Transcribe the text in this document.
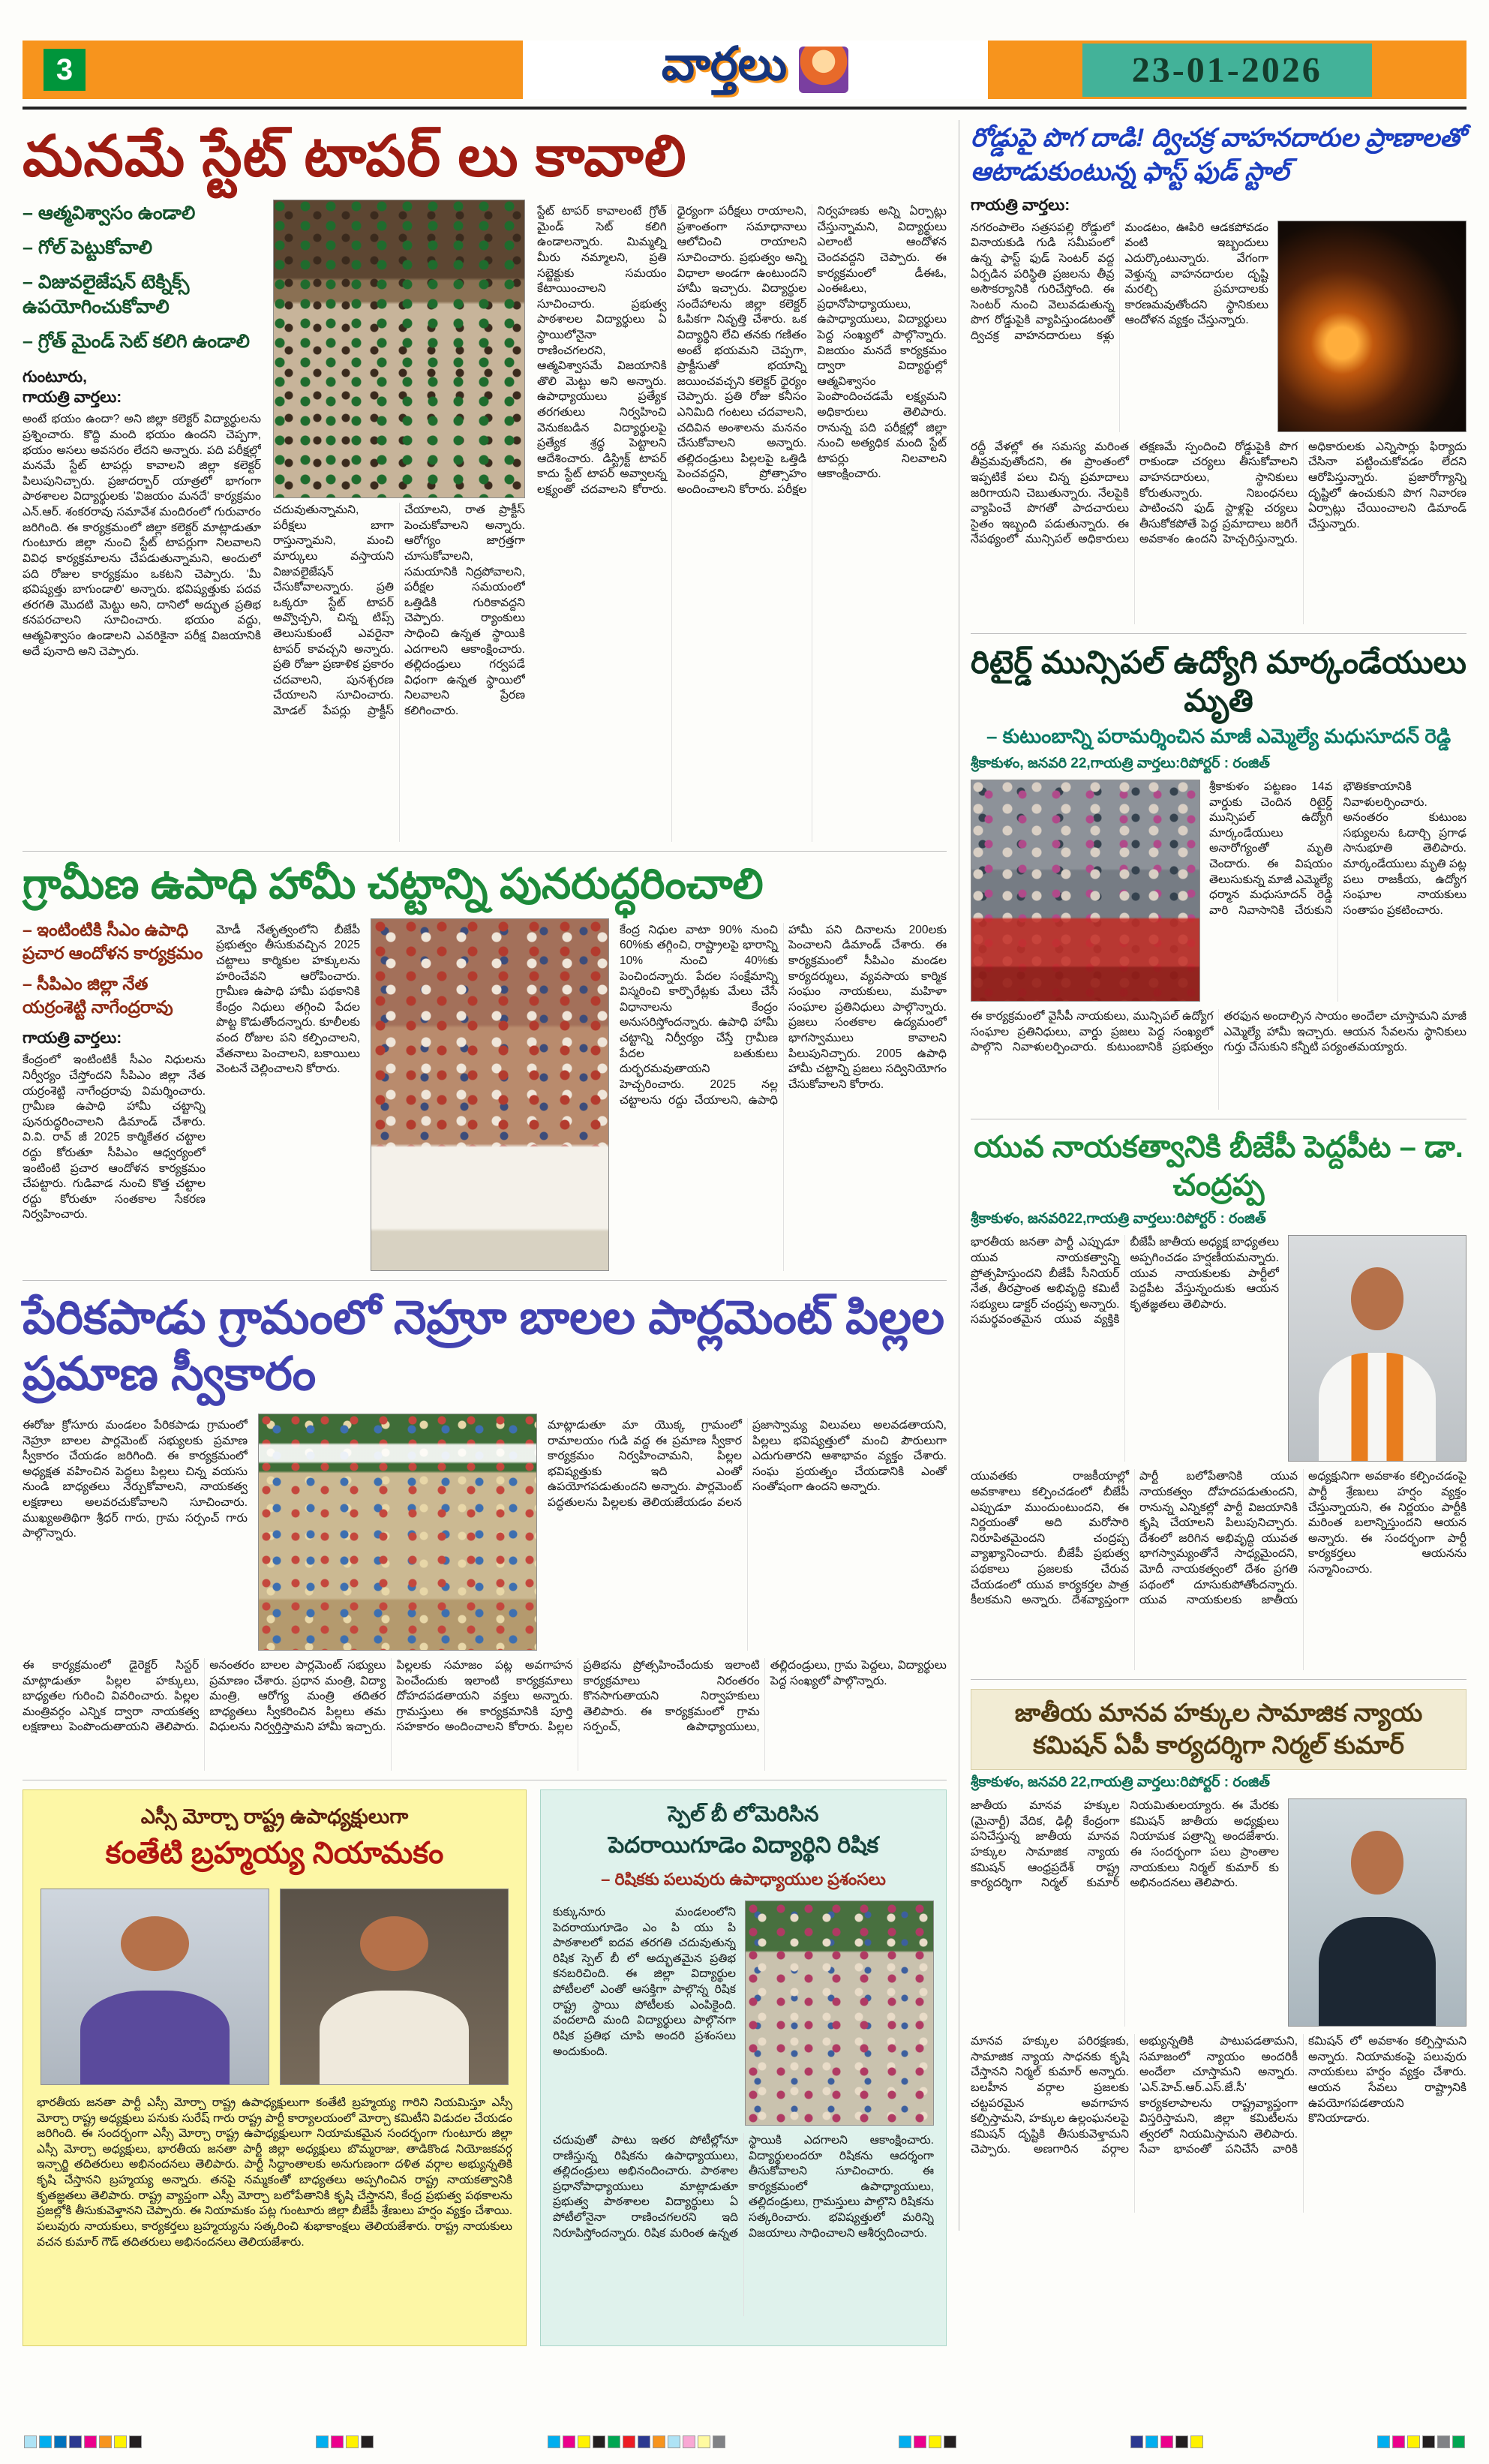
3	వార్తలు	23-01-2026
మనమే స్టేట్ టాపర్ లు కావాలి
– ఆత్మవిశ్వాసం ఉండాలి
– గోల్ పెట్టుకోవాలి
– విజువలైజేషన్ టెక్నిక్స్ ఉపయోగించుకోవాలి
– గ్రోత్ మైండ్ సెట్ కలిగి ఉండాలి
గుంటూరు,
గాయత్రి వార్తలు:

అంటే భయం ఉందా? అని జిల్లా కలెక్టర్ విద్యార్థులను ప్రశ్నించారు. కొద్ది మంది భయం ఉందని చెప్పగా, భయం అసలు అవసరం లేదని అన్నారు. పది పరీక్షల్లో మనమే స్టేట్ టాపర్లు కావాలని జిల్లా కలెక్టర్ పిలుపునిచ్చారు. ప్రజాదర్బార్ యాత్రలో భాగంగా పాఠశాలల విద్యార్థులకు 'విజయం మనదే' కార్యక్రమం ఎన్.ఆర్. శంకరరావు సమావేశ మందిరంలో గురువారం జరిగింది. ఈ కార్యక్రమంలో జిల్లా కలెక్టర్ మాట్లాడుతూ గుంటూరు జిల్లా నుంచి స్టేట్ టాపర్లుగా నిలవాలని వివిధ కార్యక్రమాలను చేపడుతున్నామని, అందులో పది రోజుల కార్యక్రమం ఒకటని చెప్పారు. 'మీ భవిష్యత్తు బాగుండాలి' అన్నారు. భవిష్యత్తుకు పదవ తరగతి మొదటి మెట్టు అని, దానిలో అద్భుత ప్రతిభ కనపరచాలని సూచించారు. భయం వద్దు, ఆత్మవిశ్వాసం ఉండాలని ఎవరికైనా పరీక్ష విజయానికి అదే పునాది అని చెప్పారు.

చదువుతున్నామని, పరీక్షలు బాగా రాస్తున్నామని, మంచి మార్కులు వస్తాయని విజువలైజేషన్ చేసుకోవాలన్నారు. ప్రతి ఒక్కరూ స్టేట్ టాపర్ అవ్వొచ్చని, చిన్న టిప్స్ తెలుసుకుంటే ఎవరైనా టాపర్ కావచ్చని అన్నారు. ప్రతి రోజూ ప్రణాళిక ప్రకారం చదవాలని, పునశ్చరణ చేయాలని సూచించారు. మోడల్ పేపర్లు ప్రాక్టీస్ చేయాలని, రాత ప్రాక్టీస్ పెంచుకోవాలని అన్నారు. ఆరోగ్యం జాగ్రత్తగా చూసుకోవాలని, సమయానికి నిద్రపోవాలని, పరీక్షల సమయంలో ఒత్తిడికి గురికావద్దని చెప్పారు. ర్యాంకులు సాధించి ఉన్నత స్థాయికి ఎదగాలని ఆకాంక్షించారు. తల్లిదండ్రులు గర్వపడే విధంగా ఉన్నత స్థాయిలో నిలవాలని ప్రేరణ కలిగించారు.

స్టేట్ టాపర్ కావాలంటే గ్రోత్ మైండ్ సెట్ కలిగి ఉండాలన్నారు. మిమ్మల్ని మీరు నమ్మాలని, ప్రతి సబ్జెక్టుకు సమయం కేటాయించాలని సూచించారు. ప్రభుత్వ పాఠశాలల విద్యార్థులు ఏ స్థాయిలోనైనా రాణించగలరని, ఆత్మవిశ్వాసమే విజయానికి తొలి మెట్టు అని అన్నారు. ఉపాధ్యాయులు ప్రత్యేక తరగతులు నిర్వహించి వెనుకబడిన విద్యార్థులపై ప్రత్యేక శ్రద్ధ పెట్టాలని ఆదేశించారు. డిస్ట్రిక్ట్ టాపర్ కాదు స్టేట్ టాపర్ అవ్వాలన్న లక్ష్యంతో చదవాలని కోరారు. ధైర్యంగా పరీక్షలు రాయాలని, ప్రశాంతంగా సమాధానాలు ఆలోచించి రాయాలని సూచించారు. ప్రభుత్వం అన్ని విధాలా అండగా ఉంటుందని హామీ ఇచ్చారు. విద్యార్థుల సందేహాలను జిల్లా కలెక్టర్ ఓపికగా నివృత్తి చేశారు. ఒక విద్యార్థిని లేచి తనకు గణితం అంటే భయమని చెప్పగా, ప్రాక్టీసుతో భయాన్ని జయించవచ్చని కలెక్టర్ ధైర్యం చెప్పారు. ప్రతి రోజు కనీసం ఎనిమిది గంటలు చదవాలని, చదివిన అంశాలను మననం చేసుకోవాలని అన్నారు. తల్లిదండ్రులు పిల్లలపై ఒత్తిడి పెంచవద్దని, ప్రోత్సాహం అందించాలని కోరారు. పరీక్షల నిర్వహణకు అన్ని ఏర్పాట్లు చేస్తున్నామని, విద్యార్థులు ఎలాంటి ఆందోళన చెందవద్దని చెప్పారు. ఈ కార్యక్రమంలో డీఈఓ, ఎంఈఓలు, ప్రధానోపాధ్యాయులు, ఉపాధ్యాయులు, విద్యార్థులు పెద్ద సంఖ్యలో పాల్గొన్నారు. విజయం మనదే కార్యక్రమం ద్వారా విద్యార్థుల్లో ఆత్మవిశ్వాసం పెంపొందించడమే లక్ష్యమని అధికారులు తెలిపారు. రానున్న పది పరీక్షల్లో జిల్లా నుంచి అత్యధిక మంది స్టేట్ టాపర్లు నిలవాలని ఆకాంక్షించారు.

గ్రామీణ ఉపాధి హామీ చట్టాన్ని పునరుద్ధరించాలి
– ఇంటింటికి సీఎం ఉపాధి ప్రచార ఆందోళన కార్యక్రమం
– సీపిఎం జిల్లా నేత యర్రంశెట్టి నాగేంద్రరావు
గాయత్రి వార్తలు:

కేంద్రంలో ఇంటింటికీ సీఎం నిధులను నిర్వీర్యం చేస్తోందని సీపిఎం జిల్లా నేత యర్రంశెట్టి నాగేంద్రరావు విమర్శించారు. గ్రామీణ ఉపాధి హామీ చట్టాన్ని పునరుద్ధరించాలని డిమాండ్ చేశారు. వి.వి. రావ్ జీ 2025 కార్మికేతర చట్టాల రద్దు కోరుతూ సీపిఎం ఆధ్వర్యంలో ఇంటింటి ప్రచార ఆందోళన కార్యక్రమం చేపట్టారు. గుడివాడ నుంచి కొత్త చట్టాల రద్దు కోరుతూ సంతకాల సేకరణ నిర్వహించారు.

మోడీ నేతృత్వంలోని బీజేపీ ప్రభుత్వం తీసుకువచ్చిన 2025 చట్టాలు కార్మికుల హక్కులను హరించేవని ఆరోపించారు. గ్రామీణ ఉపాధి హామీ పథకానికి కేంద్రం నిధులు తగ్గించి పేదల పొట్ట కొడుతోందన్నారు. కూలీలకు వంద రోజుల పని కల్పించాలని, వేతనాలు పెంచాలని, బకాయిలు వెంటనే చెల్లించాలని కోరారు.

కేంద్ర నిధుల వాటా 90% నుంచి 60%కు తగ్గించి, రాష్ట్రాలపై భారాన్ని 10% నుంచి 40%కు పెంచిందన్నారు. పేదల సంక్షేమాన్ని విస్మరించి కార్పొరేట్లకు మేలు చేసే విధానాలను కేంద్రం అనుసరిస్తోందన్నారు. ఉపాధి హామీ చట్టాన్ని నిర్వీర్యం చేస్తే గ్రామీణ పేదల బతుకులు దుర్భరమవుతాయని హెచ్చరించారు. 2025 నల్ల చట్టాలను రద్దు చేయాలని, ఉపాధి హామీ పని దినాలను 200లకు పెంచాలని డిమాండ్ చేశారు. ఈ కార్యక్రమంలో సీపిఎం మండల కార్యదర్శులు, వ్యవసాయ కార్మిక సంఘం నాయకులు, మహిళా సంఘాల ప్రతినిధులు పాల్గొన్నారు. ప్రజలు సంతకాల ఉద్యమంలో భాగస్వాములు కావాలని పిలుపునిచ్చారు. 2005 ఉపాధి హామీ చట్టాన్ని ప్రజలు సద్వినియోగం చేసుకోవాలని కోరారు.

పేరికపాడు గ్రామంలో నెహ్రూ బాలల పార్లమెంట్ పిల్లల ప్రమాణ స్వీకారం

ఈరోజు క్రోసూరు మండలం పేరికపాడు గ్రామంలో నెహ్రూ బాలల పార్లమెంట్ సభ్యులకు ప్రమాణ స్వీకారం చేయడం జరిగింది. ఈ కార్యక్రమంలో అధ్యక్షత వహించిన పెద్దలు పిల్లలు చిన్న వయసు నుండి బాధ్యతలు నేర్చుకోవాలని, నాయకత్వ లక్షణాలు అలవరచుకోవాలని సూచించారు. ముఖ్యఅతిథిగా శ్రీధర్ గారు, గ్రామ సర్పంచ్ గారు పాల్గొన్నారు.

మాట్లాడుతూ మా యొక్క గ్రామంలో రామాలయం గుడి వద్ద ఈ ప్రమాణ స్వీకార కార్యక్రమం నిర్వహించామని, పిల్లల భవిష్యత్తుకు ఇది ఎంతో ఉపయోగపడుతుందని అన్నారు. పార్లమెంట్ పద్ధతులను పిల్లలకు తెలియజేయడం వలన ప్రజాస్వామ్య విలువలు అలవడతాయని, పిల్లలు భవిష్యత్తులో మంచి పౌరులుగా ఎదుగుతారని ఆశాభావం వ్యక్తం చేశారు. సంఘ ప్రయత్నం చేయడానికి ఎంతో సంతోషంగా ఉందని అన్నారు.

ఈ కార్యక్రమంలో డైరెక్టర్ సిస్టర్ మాట్లాడుతూ పిల్లల హక్కులు, బాధ్యతల గురించి వివరించారు. పిల్లల మంత్రివర్గం ఎన్నిక ద్వారా నాయకత్వ లక్షణాలు పెంపొందుతాయని తెలిపారు. అనంతరం బాలల పార్లమెంట్ సభ్యులు ప్రమాణం చేశారు. ప్రధాన మంత్రి, విద్యా మంత్రి, ఆరోగ్య మంత్రి తదితర బాధ్యతలు స్వీకరించిన పిల్లలు తమ విధులను నిర్వర్తిస్తామని హామీ ఇచ్చారు. పిల్లలకు సమాజం పట్ల అవగాహన పెంచేందుకు ఇలాంటి కార్యక్రమాలు దోహదపడతాయని వక్తలు అన్నారు. గ్రామస్తులు ఈ కార్యక్రమానికి పూర్తి సహకారం అందించాలని కోరారు. పిల్లల ప్రతిభను ప్రోత్సహించేందుకు ఇలాంటి కార్యక్రమాలు నిరంతరం కొనసాగుతాయని నిర్వాహకులు తెలిపారు. ఈ కార్యక్రమంలో గ్రామ సర్పంచ్, ఉపాధ్యాయులు, తల్లిదండ్రులు, గ్రామ పెద్దలు, విద్యార్థులు పెద్ద సంఖ్యలో పాల్గొన్నారు.

ఎస్సీ మోర్చా రాష్ట్ర ఉపాధ్యక్షులుగా
కంతేటి బ్రహ్మయ్య నియామకం

భారతీయ జనతా పార్టీ ఎస్సీ మోర్చా రాష్ట్ర ఉపాధ్యక్షులుగా కంతేటి బ్రహ్మయ్య గారిని నియమిస్తూ ఎస్సీ మోర్చా రాష్ట్ర అధ్యక్షులు పనుకు సురేష్ గారు రాష్ట్ర పార్టీ కార్యాలయంలో మోర్చా కమిటీని విడుదల చేయడం జరిగింది. ఈ సందర్భంగా ఎస్సీ మోర్చా రాష్ట్ర ఉపాధ్యక్షులుగా నియామకమైన సందర్భంగా గుంటూరు జిల్లా ఎస్సీ మోర్చా అధ్యక్షులు, భారతీయ జనతా పార్టీ జిల్లా అధ్యక్షులు బొమ్మరాజు, తాడికొండ నియోజకవర్గ ఇన్చార్జి తదితరులు అభినందనలు తెలిపారు. పార్టీ సిద్ధాంతాలకు అనుగుణంగా దళిత వర్గాల అభ్యున్నతికి కృషి చేస్తానని బ్రహ్మయ్య అన్నారు. తనపై నమ్మకంతో బాధ్యతలు అప్పగించిన రాష్ట్ర నాయకత్వానికి కృతజ్ఞతలు తెలిపారు. రాష్ట్ర వ్యాప్తంగా ఎస్సీ మోర్చా బలోపేతానికి కృషి చేస్తానని, కేంద్ర ప్రభుత్వ పథకాలను ప్రజల్లోకి తీసుకువెళ్తానని చెప్పారు. ఈ నియామకం పట్ల గుంటూరు జిల్లా బీజేపీ శ్రేణులు హర్షం వ్యక్తం చేశాయి. పలువురు నాయకులు, కార్యకర్తలు బ్రహ్మయ్యను సత్కరించి శుభాకాంక్షలు తెలియజేశారు. రాష్ట్ర నాయకులు వచన కుమార్ గౌడ్ తదితరులు అభినందనలు తెలియజేశారు.

స్పెల్ బీ లోమెరిసిన
పెదరాయిగూడెం విద్యార్థిని రిషిక
– రిషికకు పలువురు ఉపాధ్యాయుల ప్రశంసలు

కుక్కునూరు మండలంలోని పెదరాయుగూడెం ఎం పి యు పి పాఠశాలలో ఐదవ తరగతి చదువుతున్న రిషిక స్పెల్ బీ లో అద్భుతమైన ప్రతిభ కనబరిచింది. ఈ జిల్లా విద్యార్థుల పోటీలలో ఎంతో ఆసక్తిగా పాల్గొన్న రిషిక రాష్ట్ర స్థాయి పోటీలకు ఎంపికైంది. వందలాది మంది విద్యార్థులు పాల్గొనగా రిషిక ప్రతిభ చూపి అందరి ప్రశంసలు అందుకుంది.

చదువుతో పాటు ఇతర పోటీల్లోనూ రాణిస్తున్న రిషికను ఉపాధ్యాయులు, తల్లిదండ్రులు అభినందించారు. పాఠశాల ప్రధానోపాధ్యాయులు మాట్లాడుతూ ప్రభుత్వ పాఠశాలల విద్యార్థులు ఏ పోటీలోనైనా రాణించగలరని ఇది నిరూపిస్తోందన్నారు. రిషిక మరింత ఉన్నత స్థాయికి ఎదగాలని ఆకాంక్షించారు. విద్యార్థులందరూ రిషికను ఆదర్శంగా తీసుకోవాలని సూచించారు. ఈ కార్యక్రమంలో ఉపాధ్యాయులు, తల్లిదండ్రులు, గ్రామస్తులు పాల్గొని రిషికను సత్కరించారు. భవిష్యత్తులో మరిన్ని విజయాలు సాధించాలని ఆశీర్వదించారు.

రోడ్డుపై పొగ దాడి! ద్విచక్ర వాహనదారుల ప్రాణాలతో ఆటాడుకుంటున్న ఫాస్ట్ ఫుడ్ స్టాల్
గాయత్రి వార్తలు:

నగరంపాలెం సత్రసపల్లి రోడ్డులో వినాయకుడి గుడి సమీపంలో ఉన్న ఫాస్ట్ ఫుడ్ సెంటర్ వద్ద ఏర్పడిన పరిస్థితి ప్రజలను తీవ్ర అసౌకర్యానికి గురిచేస్తోంది. ఈ సెంటర్ నుంచి వెలువడుతున్న పొగ రోడ్డుపైకి వ్యాపిస్తుండటంతో ద్విచక్ర వాహనదారులు కళ్లు మండటం, ఊపిరి ఆడకపోవడం వంటి ఇబ్బందులు ఎదుర్కొంటున్నారు. వేగంగా వెళ్తున్న వాహనదారుల దృష్టి మరల్చి ప్రమాదాలకు కారణమవుతోందని స్థానికులు ఆందోళన వ్యక్తం చేస్తున్నారు.

రద్దీ వేళల్లో ఈ సమస్య మరింత తీవ్రమవుతోందని, ఈ ప్రాంతంలో ఇప్పటికే పలు చిన్న ప్రమాదాలు జరిగాయని చెబుతున్నారు. నేలపైకి వ్యాపించే పొగతో పాదచారులు సైతం ఇబ్బంది పడుతున్నారు. ఈ నేపథ్యంలో మున్సిపల్ అధికారులు తక్షణమే స్పందించి రోడ్డుపైకి పొగ రాకుండా చర్యలు తీసుకోవాలని వాహనదారులు, స్థానికులు కోరుతున్నారు. నిబంధనలు పాటించని ఫుడ్ స్టాళ్లపై చర్యలు తీసుకోకపోతే పెద్ద ప్రమాదాలు జరిగే అవకాశం ఉందని హెచ్చరిస్తున్నారు. అధికారులకు ఎన్నిసార్లు ఫిర్యాదు చేసినా పట్టించుకోవడం లేదని ఆరోపిస్తున్నారు. ప్రజారోగ్యాన్ని దృష్టిలో ఉంచుకుని పొగ నివారణ ఏర్పాట్లు చేయించాలని డిమాండ్ చేస్తున్నారు.

రిటైర్డ్ మున్సిపల్ ఉద్యోగి మార్కండేయులు మృతి
– కుటుంబాన్ని పరామర్శించిన మాజీ ఎమ్మెల్యే మధుసూదన్ రెడ్డి
శ్రీకాకుళం, జనవరి 22,గాయత్రి వార్తలు:రిపోర్టర్ : రంజిత్

శ్రీకాకుళం పట్టణం 14వ వార్డుకు చెందిన రిటైర్డ్ మున్సిపల్ ఉద్యోగి మార్కండేయులు అనారోగ్యంతో మృతి చెందారు. ఈ విషయం తెలుసుకున్న మాజీ ఎమ్మెల్యే ధర్మాన మధుసూదన్ రెడ్డి వారి నివాసానికి చేరుకుని భౌతికకాయానికి నివాళులర్పించారు. అనంతరం కుటుంబ సభ్యులను ఓదార్చి ప్రగాఢ సానుభూతి తెలిపారు. మార్కండేయులు మృతి పట్ల పలు రాజకీయ, ఉద్యోగ సంఘాల నాయకులు సంతాపం ప్రకటించారు.

ఈ కార్యక్రమంలో వైసీపీ నాయకులు, మున్సిపల్ ఉద్యోగ సంఘాల ప్రతినిధులు, వార్డు ప్రజలు పెద్ద సంఖ్యలో పాల్గొని నివాళులర్పించారు. కుటుంబానికి ప్రభుత్వం తరఫున అందాల్సిన సాయం అందేలా చూస్తామని మాజీ ఎమ్మెల్యే హామీ ఇచ్చారు. ఆయన సేవలను స్థానికులు గుర్తు చేసుకుని కన్నీటి పర్యంతమయ్యారు.

యువ నాయకత్వానికి బీజేపీ పెద్దపీట – డా. చంద్రప్ప
శ్రీకాకుళం, జనవరి22,గాయత్రి వార్తలు:రిపోర్టర్ : రంజిత్

భారతీయ జనతా పార్టీ ఎప్పుడూ యువ నాయకత్వాన్ని ప్రోత్సహిస్తుందని బీజేపీ సీనియర్ నేత, తీరప్రాంత అభివృద్ధి కమిటీ సభ్యులు డాక్టర్ చంద్రప్ప అన్నారు. సమర్థవంతమైన యువ వ్యక్తికి బీజేపీ జాతీయ అధ్యక్ష బాధ్యతలు అప్పగించడం హర్షణీయమన్నారు. యువ నాయకులకు పార్టీలో పెద్దపీట వేస్తున్నందుకు ఆయన కృతజ్ఞతలు తెలిపారు.

యువతకు రాజకీయాల్లో అవకాశాలు కల్పించడంలో బీజేపీ ఎప్పుడూ ముందుంటుందని, ఈ నిర్ణయంతో అది మరోసారి నిరూపితమైందని చంద్రప్ప వ్యాఖ్యానించారు. బీజేపీ ప్రభుత్వ పథకాలు ప్రజలకు చేరువ చేయడంలో యువ కార్యకర్తల పాత్ర కీలకమని అన్నారు. దేశవ్యాప్తంగా పార్టీ బలోపేతానికి యువ నాయకత్వం దోహదపడుతుందని, రానున్న ఎన్నికల్లో పార్టీ విజయానికి కృషి చేయాలని పిలుపునిచ్చారు. దేశంలో జరిగిన అభివృద్ధి యువత భాగస్వామ్యంతోనే సాధ్యమైందని, మోదీ నాయకత్వంలో దేశం ప్రగతి పథంలో దూసుకుపోతోందన్నారు. యువ నాయకులకు జాతీయ అధ్యక్షునిగా అవకాశం కల్పించడంపై పార్టీ శ్రేణులు హర్షం వ్యక్తం చేస్తున్నాయని, ఈ నిర్ణయం పార్టీకి మరింత బలాన్నిస్తుందని ఆయన అన్నారు. ఈ సందర్భంగా పార్టీ కార్యకర్తలు ఆయనను సన్మానించారు.

జాతీయ మానవ హక్కుల సామాజిక న్యాయ కమిషన్ ఏపీ కార్యదర్శిగా నిర్మల్ కుమార్
శ్రీకాకుళం, జనవరి 22,గాయత్రి వార్తలు:రిపోర్టర్ : రంజిత్

జాతీయ మానవ హక్కుల (మైనార్టీ) వేదిక, ఢిల్లీ కేంద్రంగా పనిచేస్తున్న జాతీయ మానవ హక్కుల సామాజిక న్యాయ కమిషన్ ఆంధ్రప్రదేశ్ రాష్ట్ర కార్యదర్శిగా నిర్మల్ కుమార్ నియమితులయ్యారు. ఈ మేరకు కమిషన్ జాతీయ అధ్యక్షులు నియామక పత్రాన్ని అందజేశారు. ఈ సందర్భంగా పలు ప్రాంతాల నాయకులు నిర్మల్ కుమార్ కు అభినందనలు తెలిపారు.

మానవ హక్కుల పరిరక్షణకు, సామాజిక న్యాయ సాధనకు కృషి చేస్తానని నిర్మల్ కుమార్ అన్నారు. బలహీన వర్గాల ప్రజలకు చట్టపరమైన అవగాహన కల్పిస్తామని, హక్కుల ఉల్లంఘనలపై కమిషన్ దృష్టికి తీసుకువెళ్తామని చెప్పారు. అణగారిన వర్గాల అభ్యున్నతికి పాటుపడతామని, సమాజంలో న్యాయం అందరికీ అందేలా చూస్తామని అన్నారు. 'ఎన్.హెచ్.ఆర్.ఎస్.జే.సీ' కార్యకలాపాలను రాష్ట్రవ్యాప్తంగా విస్తరిస్తామని, జిల్లా కమిటీలను త్వరలో నియమిస్తామని తెలిపారు. సేవా భావంతో పనిచేసే వారికి కమిషన్ లో అవకాశం కల్పిస్తామని అన్నారు. నియామకంపై పలువురు నాయకులు హర్షం వ్యక్తం చేశారు. ఆయన సేవలు రాష్ట్రానికి ఉపయోగపడతాయని కొనియాడారు.
